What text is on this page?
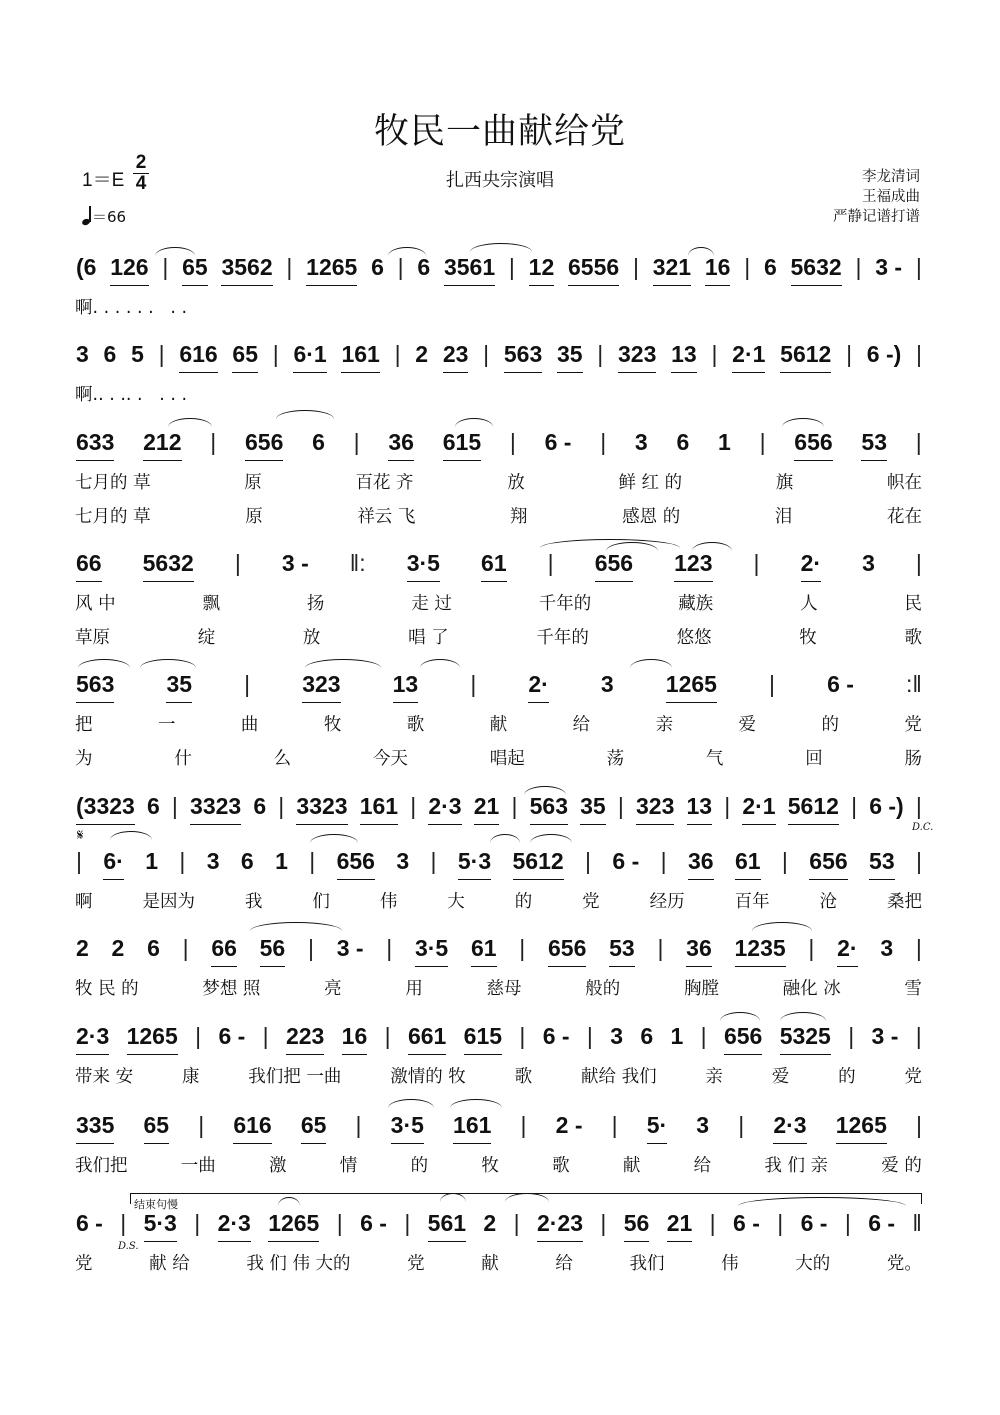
牧民一曲献给党
1＝E
2
4
＝66
扎西央宗演唱	李龙清词
王福成曲
严静记谱打谱
(6 126 | 65 3562 | 1265 6 | 6 3561 | 12 6556 | 321 16 | 6 5632 | 3 - |
啊. . . . . .   . .
3 6 5 | 616 65 | 6·1 161 | 2 23 | 563 35 | 323 13 | 2·1 5612 | 6 -) |
啊.. . .. .   . . .
633 212 | 656 6 | 36 615 | 6 - | 3 6 1 | 656 53 |
七月的 草	原	百花 齐	放	鲜 红 的	旗	帜在
七月的 草	原	祥云 飞	翔	感恩 的	泪	花在
66 5632 | 3 - ‖: 3·5 61 | 656 123 | 2· 3 |
风 中	飘	扬	走 过	千年的	藏族	人	民
草原	绽	放	唱 了	千年的	悠悠	牧	歌
563 35 | 323 13 | 2· 3 1265 | 6 - :‖
把	一	曲	牧	歌	献	给	亲	爱	的	党
为	什	么	今天	唱起	荡	气	回	肠
(3323 6 | 3323 6 | 3323 161 | 2·3 21 | 563 35 | 323 13 | 2·1 5612 | 6 -) |
| 6· 1 | 3 6 1 | 656 3 | 5·3 5612 | 6 - | 36 61 | 656 53 |
啊	是因为	我	们	伟	大	的	党	经历	百年	沧	桑把
2 2 6 | 66 56 | 3 - | 3·5 61 | 656 53 | 36 1235 | 2· 3 |
牧 民 的	梦想 照	亮	用	慈母	般的	胸膛	融化 冰	雪
2·3 1265 | 6 - | 223 16 | 661 615 | 6 - | 3 6 1 | 656 5325 | 3 - |
带来 安	康	我们把 一曲	激情的 牧	歌	献给 我们	亲	爱	的	党
335 65 | 616 65 | 3·5 161 | 2 - | 5· 3 | 2·3 1265 |
我们把	一曲	激	情	的	牧	歌	献	给	我 们 亲	爱 的
6 - | 5·3 | 2·3 1265 | 6 - | 561 2 | 2·23 | 56 21 | 6 - | 6 - | 6 - ‖
党	献 给	我 们 伟 大的	党	献	给	我们	伟	大的	党。
D.C.
D.S.
𝄋
结束句慢
